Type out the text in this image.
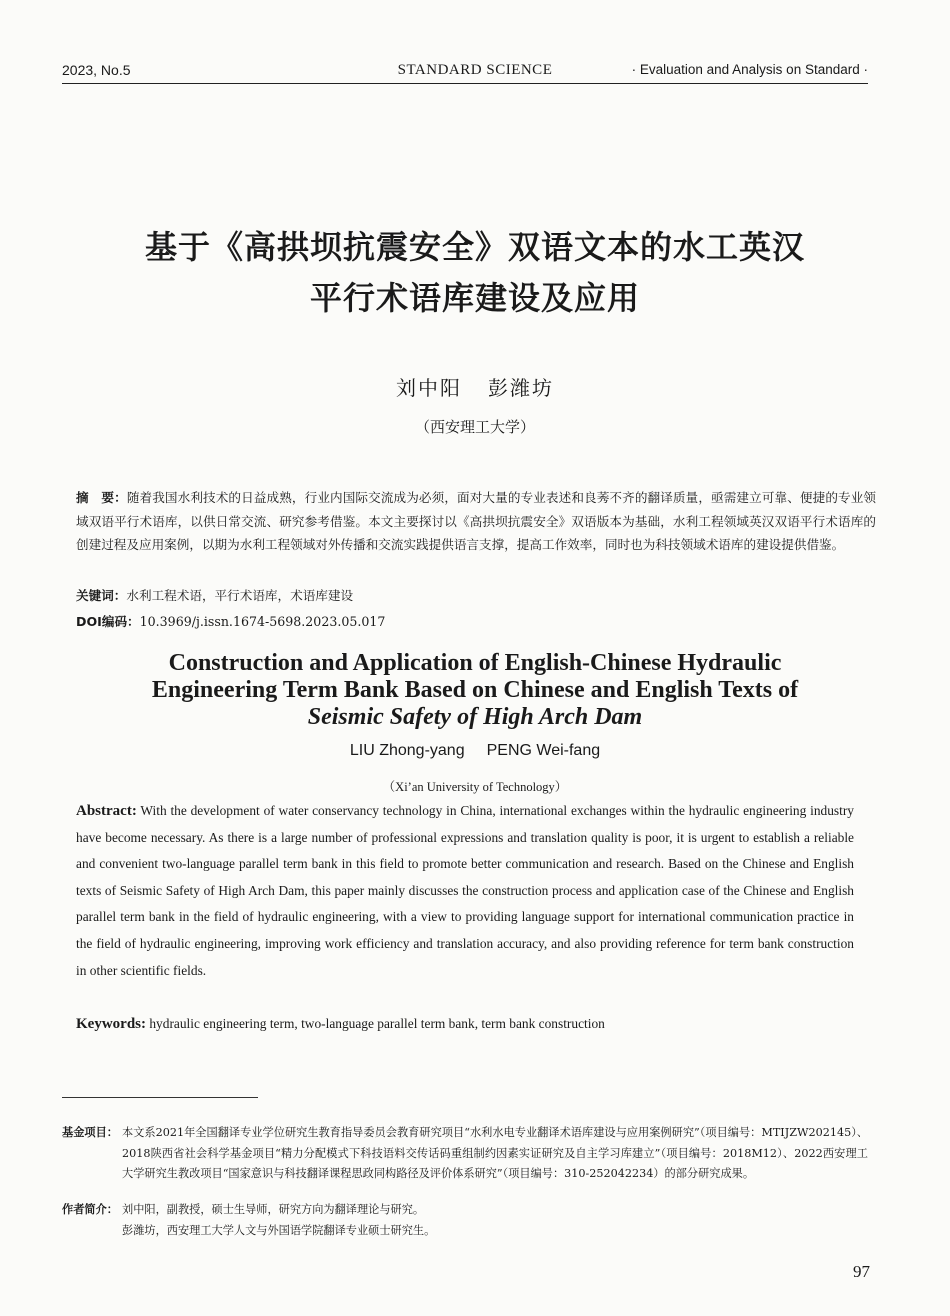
2023, No.5	STANDARD SCIENCE	· Evaluation and Analysis on Standard ·
基于《高拱坝抗震安全》双语文本的水工英汉
平行术语库建设及应用
刘中阳 彭潍坊
（西安理工大学）
摘　要：随着我国水利技术的日益成熟，行业内国际交流成为必须，面对大量的专业表述和良莠不齐的翻译质量，亟需建立可靠、便捷的专业领域双语平行术语库，以供日常交流、研究参考借鉴。本文主要探讨以《高拱坝抗震安全》双语版本为基础，水利工程领域英汉双语平行术语库的创建过程及应用案例，以期为水利工程领域对外传播和交流实践提供语言支撑，提高工作效率，同时也为科技领域术语库的建设提供借鉴。
关键词：水利工程术语，平行术语库，术语库建设
DOI编码：10.3969/j.issn.1674-5698.2023.05.017
Construction and Application of English-Chinese Hydraulic
Engineering Term Bank Based on Chinese and English Texts of
Seismic Safety of High Arch Dam
LIU Zhong-yang PENG Wei-fang
（Xi’an University of Technology）
Abstract: With the development of water conservancy technology in China, international exchanges within the hydraulic engineering industry have become necessary. As there is a large number of professional expressions and translation quality is poor, it is urgent to establish a reliable and convenient two-language parallel term bank in this field to promote better communication and research. Based on the Chinese and English texts of Seismic Safety of High Arch Dam, this paper mainly discusses the construction process and application case of the Chinese and English parallel term bank in the field of hydraulic engineering, with a view to providing language support for international communication practice in the field of hydraulic engineering, improving work efficiency and translation accuracy, and also providing reference for term bank construction in other scientific fields.
Keywords: hydraulic engineering term, two-language parallel term bank, term bank construction
基金项目： 本文系2021年全国翻译专业学位研究生教育指导委员会教育研究项目“水利水电专业翻译术语库建设与应用案例研究”（项目编号：MTIJZW202145）、2018陕西省社会科学基金项目“精力分配模式下科技语料交传话码重组制约因素实证研究及自主学习库建立”（项目编号：2018M12）、2022西安理工大学研究生教改项目“国家意识与科技翻译课程思政同构路径及评价体系研究”（项目编号：310-252042234）的部分研究成果。
作者简介： 刘中阳，副教授，硕士生导师，研究方向为翻译理论与研究。
彭潍坊，西安理工大学人文与外国语学院翻译专业硕士研究生。
97
